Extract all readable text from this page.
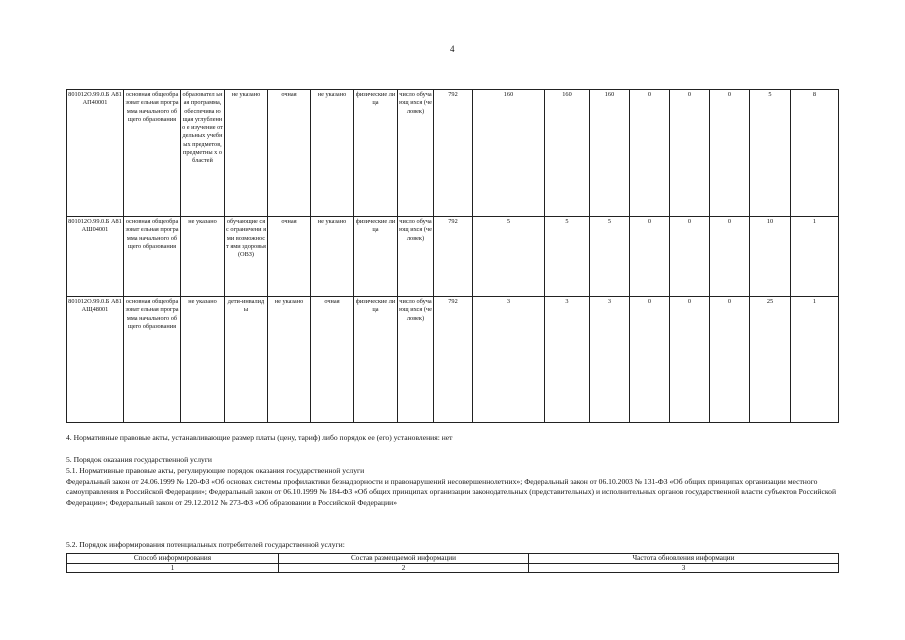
4
801012О.99.0.Б А81АП40001	основная общеобразоват ельная программа начального общего образования	образовател ьная программа, обеспечива ющая углубленно е изучение отдельных учебных предметов, предметны х областей	не указано	очная	не указано	физические лица	число обучающ ихся (человек)	792	160	160	160	0	0	0	5	8
801012О.99.0.Б А81АШ04001	основная общеобразоват ельная программа начального общего образования	не указано	обучающие ся с ограничени ями возможност ями здоровья (ОВЗ)	очная	не указано	физические лица	число обучающ ихся (человек)	792	5	5	5	0	0	0	10	1
801012О.99.0.Б А81АЩ48001	основная общеобразоват ельная программа начального общего образования	не указано	дети-инвалиды	не указано	очная	физические лица	число обучающ ихся (человек)	792	3	3	3	0	0	0	25	1
4. Нормативные правовые акты, устанавливающие размер платы (цену, тариф) либо порядок ее (его) установления: нет
5. Порядок оказания государственной услуги
5.1. Нормативные правовые акты, регулирующие порядок оказания государственной услуги
Федеральный закон от 24.06.1999 № 120-ФЗ «Об основах системы профилактики безнадзорности и правонарушений несовершеннолетних»; Федеральный закон от 06.10.2003 № 131-ФЗ «Об общих принципах организации местного самоуправления в Российской Федерации»; Федеральный закон от 06.10.1999 № 184-ФЗ «Об общих принципах организации законодательных (представительных) и исполнительных органов государственной власти субъектов Российской Федерации»; Федеральный закон от 29.12.2012 № 273-ФЗ «Об образовании в Российской Федерации»
5.2. Порядок информирования потенциальных потребителей государственной услуги:
Способ информирования	Состав размещаемой информации	Частота обновления информации
1	2	3
